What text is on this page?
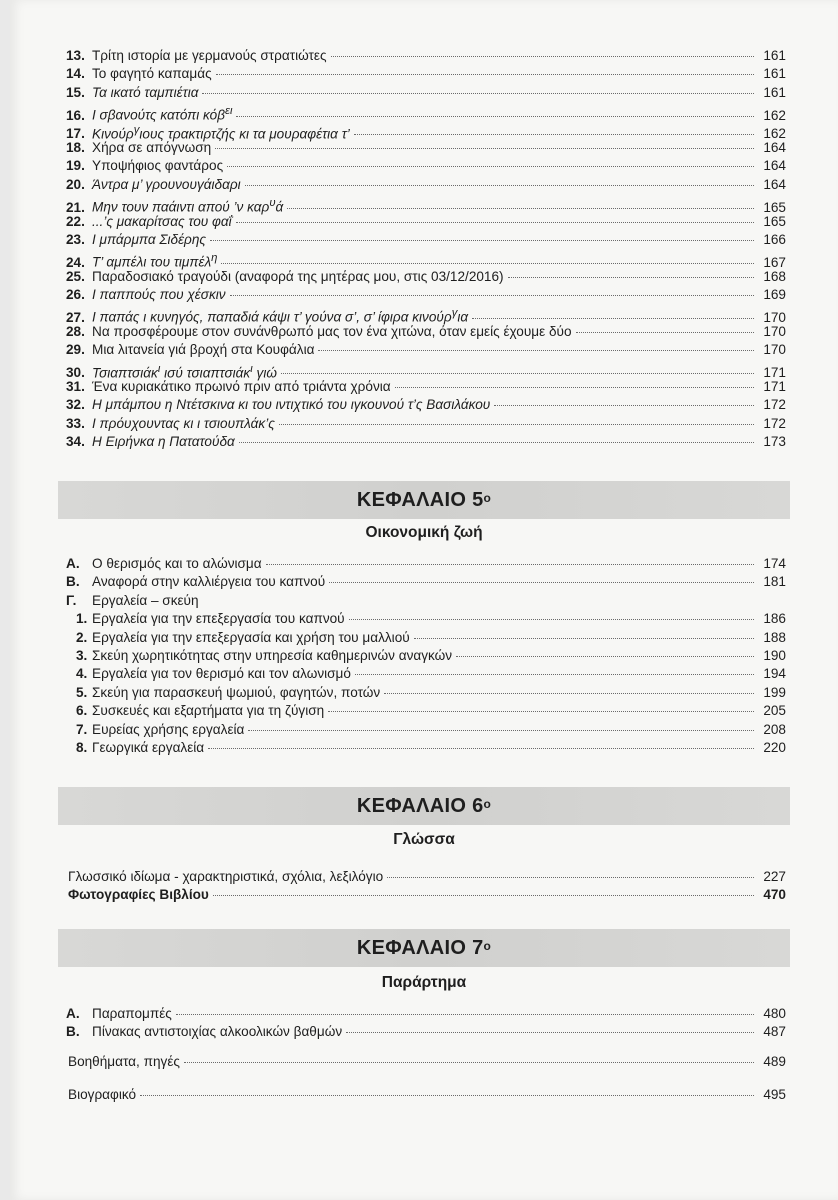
13. Τρίτη ιστορία με γερμανούς στρατιώτες	161
14. Το φαγητό καπαμάς	161
15. Τα ικατό ταμπιέτια	161
16. Ι σβανούτς κατόπι κόβ$^{\varepsilon\iota}$	162
17. Κινούρ$^\gamma$ιους τρακτιρτζής κι τα μουραφέτια τ’	162
18. Χήρα σε απόγνωση	164
19. Υποψήφιος φαντάρος	164
20. Άντρα μ’ γρουνουγάιδαρι	164
21. Μην τουν παάιντι απού ’ν καρ$^\upsilon$ά	165
22. ...’ς μακαρίτσας του φαΐ	165
23. Ι μπάρμπα Σιδέρης	166
24. Τ’ αμπέλι του τιμπέλ$^\eta$	167
25. Παραδοσιακό τραγούδι (αναφορά της μητέρας μου, στις 03/12/2016)	168
26. Ι παππούς που χέσκιν	169
27. Ι παπάς ι κυνηγός, παπαδιά κάψι τ’ γούνα σ’, σ’ ίφιρα κινούρ$^\gamma$ια	170
28. Να προσφέρουμε στον συνάνθρωπό μας τον ένα χιτώνα, όταν εμείς έχουμε δύο	170
29. Μια λιτανεία γιά βροχή στα Κουφάλια	170
30. Τσιαπτσιάκ$^\iota$ ισύ τσιαπτσιάκ$^\iota$ γιώ	171
31. Ένα κυριακάτικο πρωινό πριν από τριάντα χρόνια	171
32. Η μπάμπου η Ντέτσκινα κι του ιντιχτικό του ιγκουνού τ’ς Βασιλάκου	172
33. Ι πρόυχουντας κι ι τσιουπλάκ’ς	172
34. Η Ειρήνκα η Πατατούδα	173
ΚΕΦΑΛΑΙΟ $5^o$
Οικονομική ζωή
Α. Ο θερισμός και το αλώνισμα	174
Β. Αναφορά στην καλλιέργεια του καπνού	181
Γ.	Εργαλεία – σκεύη
1. Εργαλεία για την επεξεργασία του καπνού	186
2. Εργαλεία για την επεξεργασία και χρήση του μαλλιού	188
3. Σκεύη χωρητικότητας στην υπηρεσία καθημερινών αναγκών	190
4. Εργαλεία για τον θερισμό και τον αλωνισμό	194
5. Σκεύη για παρασκευή ψωμιού, φαγητών, ποτών	199
6. Συσκευές και εξαρτήματα για τη ζύγιση	205
7. Ευρείας χρήσης εργαλεία	208
8. Γεωργικά εργαλεία	220
ΚΕΦΑΛΑΙΟ $6^o$
Γλώσσα
Γλωσσικό ιδίωμα - χαρακτηριστικά, σχόλια, λεξιλόγιο	227
Φωτογραφίες Βιβλίου	470
ΚΕΦΑΛΑΙΟ $7^o$
Παράρτημα
Α. Παραπομπές	480
Β. Πίνακας αντιστοιχίας αλκοολικών βαθμών	487
Βοηθήματα, πηγές	489
Βιογραφικό	495
